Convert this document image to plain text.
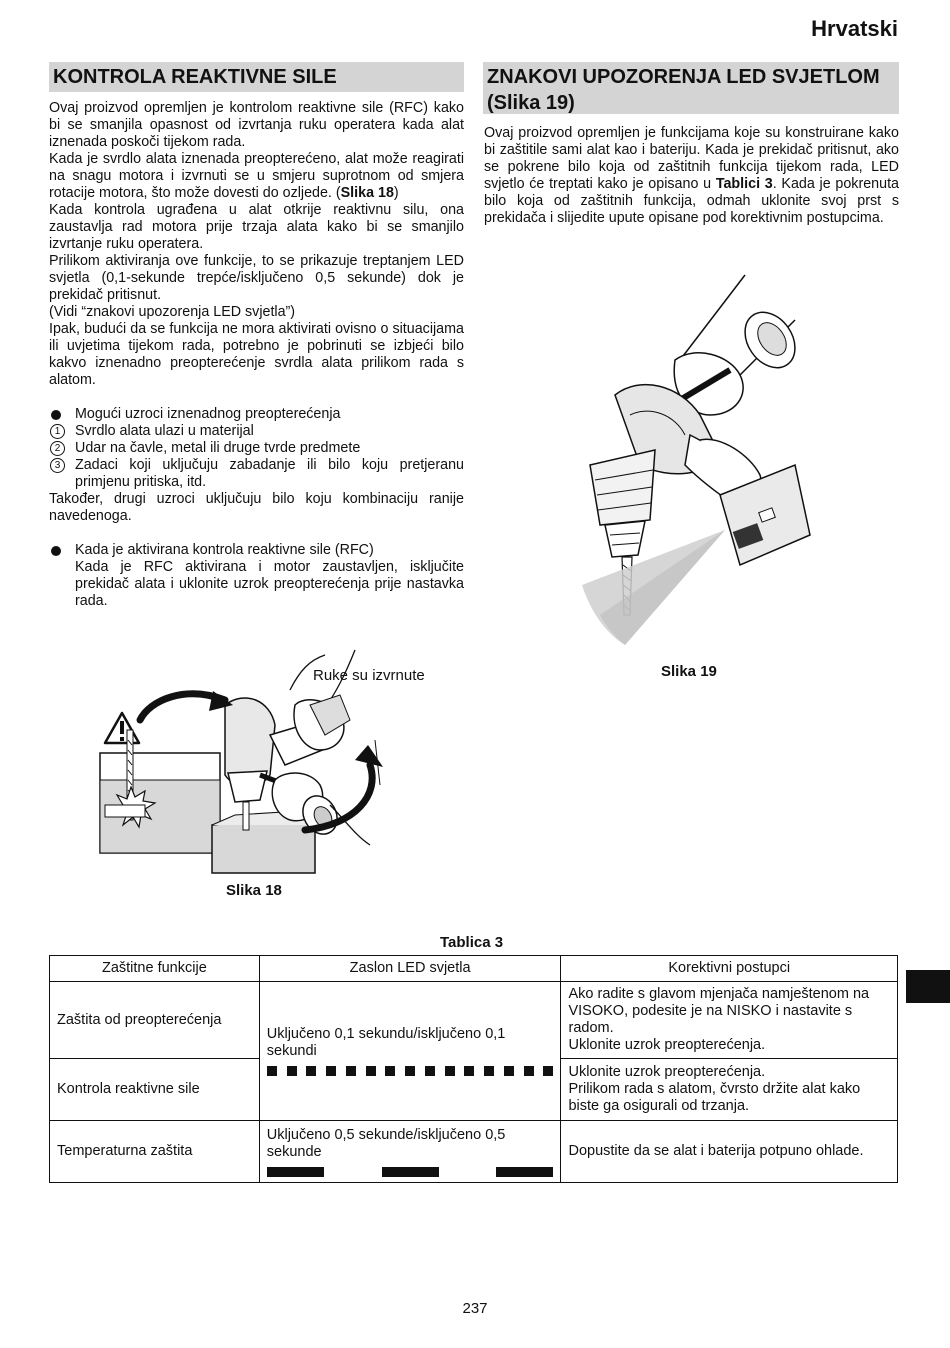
Hrvatski
KONTROLA REAKTIVNE SILE

Ovaj proizvod opremljen je kontrolom reaktivne sile (RFC) kako bi se smanjila opasnost od izvrtanja ruku operatera kada alat iznenada poskoči tijekom rada.

Kada je svrdlo alata iznenada preopterećeno, alat može reagirati na snagu motora i izvrnuti se u smjeru suprotnom od smjera rotacije motora, što može dovesti do ozljede. (Slika 18)

Kada kontrola ugrađena u alat otkrije reaktivnu silu, ona zaustavlja rad motora prije trzaja alata kako bi se smanjilo izvrtanje ruku operatera.

Prilikom aktiviranja ove funkcije, to se prikazuje treptanjem LED svjetla (0,1-sekunde trepće/isključeno 0,5 sekunde) dok je prekidač pritisnut.

(Vidi “znakovi upozorenja LED svjetla”)

Ipak, budući da se funkcija ne mora aktivirati ovisno o situacijama ili uvjetima tijekom rada, potrebno je pobrinuti se izbjeći bilo kakvo iznenadno preopterećenje svrdla alata prilikom rada s alatom.

Mogući uzroci iznenadnog preopterećenja

1	Svrdlo alata ulazi u materijal

2	Udar na čavle, metal ili druge tvrde predmete

3	Zadaci koji uključuju zabadanje ili bilo koju pretjeranu primjenu pritiska, itd.

Također, drugi uzroci uključuju bilo koju kombinaciju ranije navedenoga.

Kada je aktivirana kontrola reaktivne sile (RFC)

Kada je RFC aktivirana i motor zaustavljen, isključite prekidač alata i uklonite uzrok preopterećenja prije nastavka rada.

ZNAKOVI UPOZORENJA LED SVJETLOM (Slika 19)

Ovaj proizvod opremljen je funkcijama koje su konstruirane kako bi zaštitile sami alat kao i bateriju. Kada je prekidač pritisnut, ako se pokrene bilo koja od zaštitnih funkcija tijekom rada, LED svjetlo će treptati kako je opisano u Tablici 3. Kada je pokrenuta bilo koja od zaštitnih funkcija, odmah uklonite svoj prst s prekidača i slijedite upute opisane pod korektivnim postupcima.

Slika 19
Ruke su izvrnute
Slika 18
Tablica 3
Zaštitne funkcije	Zaslon LED svjetla	Korektivni postupci
Zaštita od preopterećenja	Uključeno 0,1 sekundu/isključeno 0,1 sekundi	Ako radite s glavom mjenjača namještenom na VISOKO, podesite je na NISKO i nastavite s radom.
Uklonite uzrok preopterećenja.

Kontrola reaktivne sile		Uklonite uzrok preopterećenja.
Prilikom rada s alatom, čvrsto držite alat kako biste ga osigurali od trzanja.

Temperaturna zaštita	Uključeno 0,5 sekunde/isključeno 0,5 sekunde	Dopustite da se alat i baterija potpuno ohlade.
237
